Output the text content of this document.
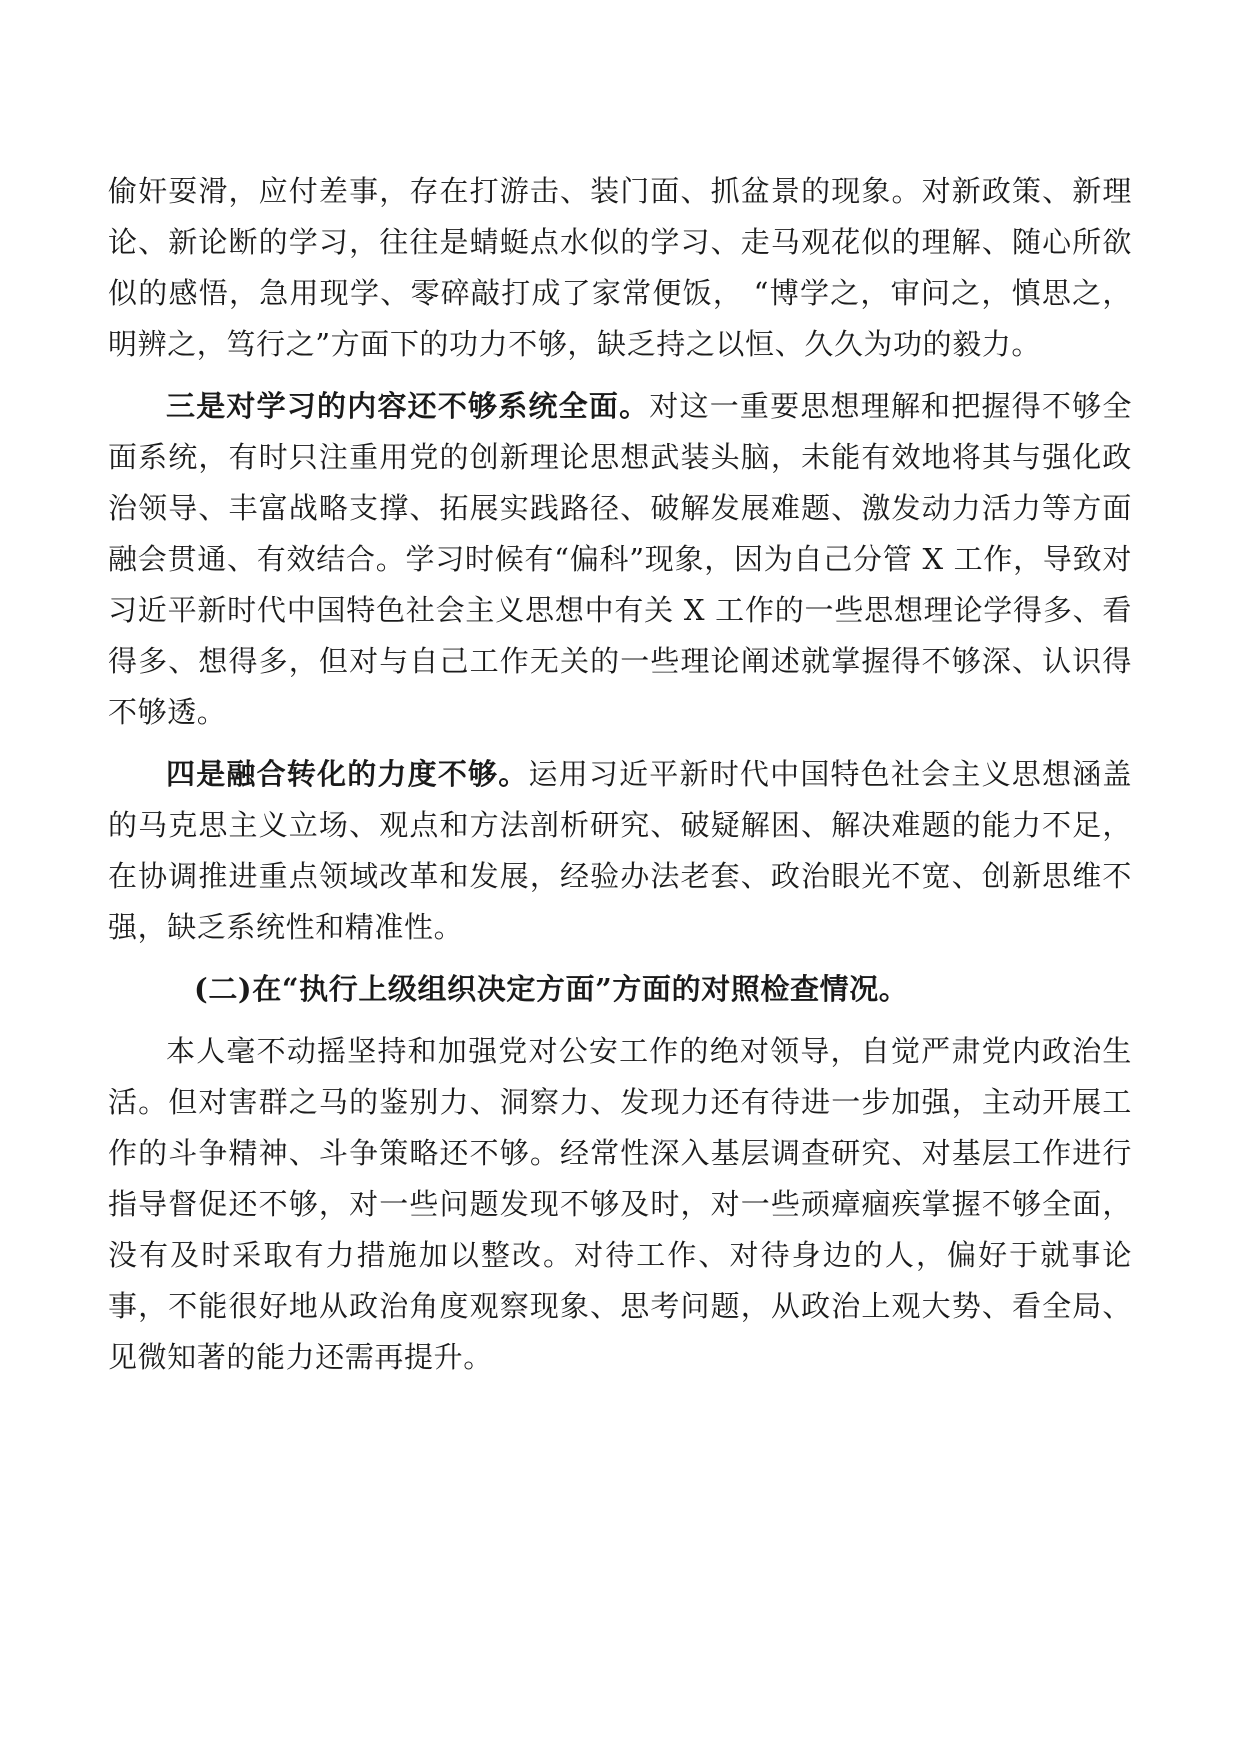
偷奸耍滑，应付差事，存在打游击、装门面、抓盆景的现象。对新政策、新理论、新论断的学习，往往是蜻蜓点水似的学习、走马观花似的理解、随心所欲似的感悟，急用现学、零碎敲打成了家常便饭， “博学之，审问之，慎思之，明辨之，笃行之”方面下的功力不够，缺乏持之以恒、久久为功的毅力。

三是对学习的内容还不够系统全面。对这一重要思想理解和把握得不够全面系统，有时只注重用党的创新理论思想武装头脑，未能有效地将其与强化政治领导、丰富战略支撑、拓展实践路径、破解发展难题、激发动力活力等方面融会贯通、有效结合。学习时候有“偏科”现象，因为自己分管 X 工作，导致对习近平新时代中国特色社会主义思想中有关 X 工作的一些思想理论学得多、看得多、想得多，但对与自己工作无关的一些理论阐述就掌握得不够深、认识得不够透。

四是融合转化的力度不够。运用习近平新时代中国特色社会主义思想涵盖的马克思主义立场、观点和方法剖析研究、破疑解困、解决难题的能力不足，在协调推进重点领域改革和发展，经验办法老套、政治眼光不宽、创新思维不强，缺乏系统性和精准性。

(二)在“执行上级组织决定方面”方面的对照检查情况。

本人毫不动摇坚持和加强党对公安工作的绝对领导，自觉严肃党内政治生活。但对害群之马的鉴别力、洞察力、发现力还有待进一步加强，主动开展工作的斗争精神、斗争策略还不够。经常性深入基层调查研究、对基层工作进行指导督促还不够，对一些问题发现不够及时，对一些顽瘴痼疾掌握不够全面，没有及时采取有力措施加以整改。对待工作、对待身边的人，偏好于就事论事，不能很好地从政治角度观察现象、思考问题，从政治上观大势、看全局、见微知著的能力还需再提升。
